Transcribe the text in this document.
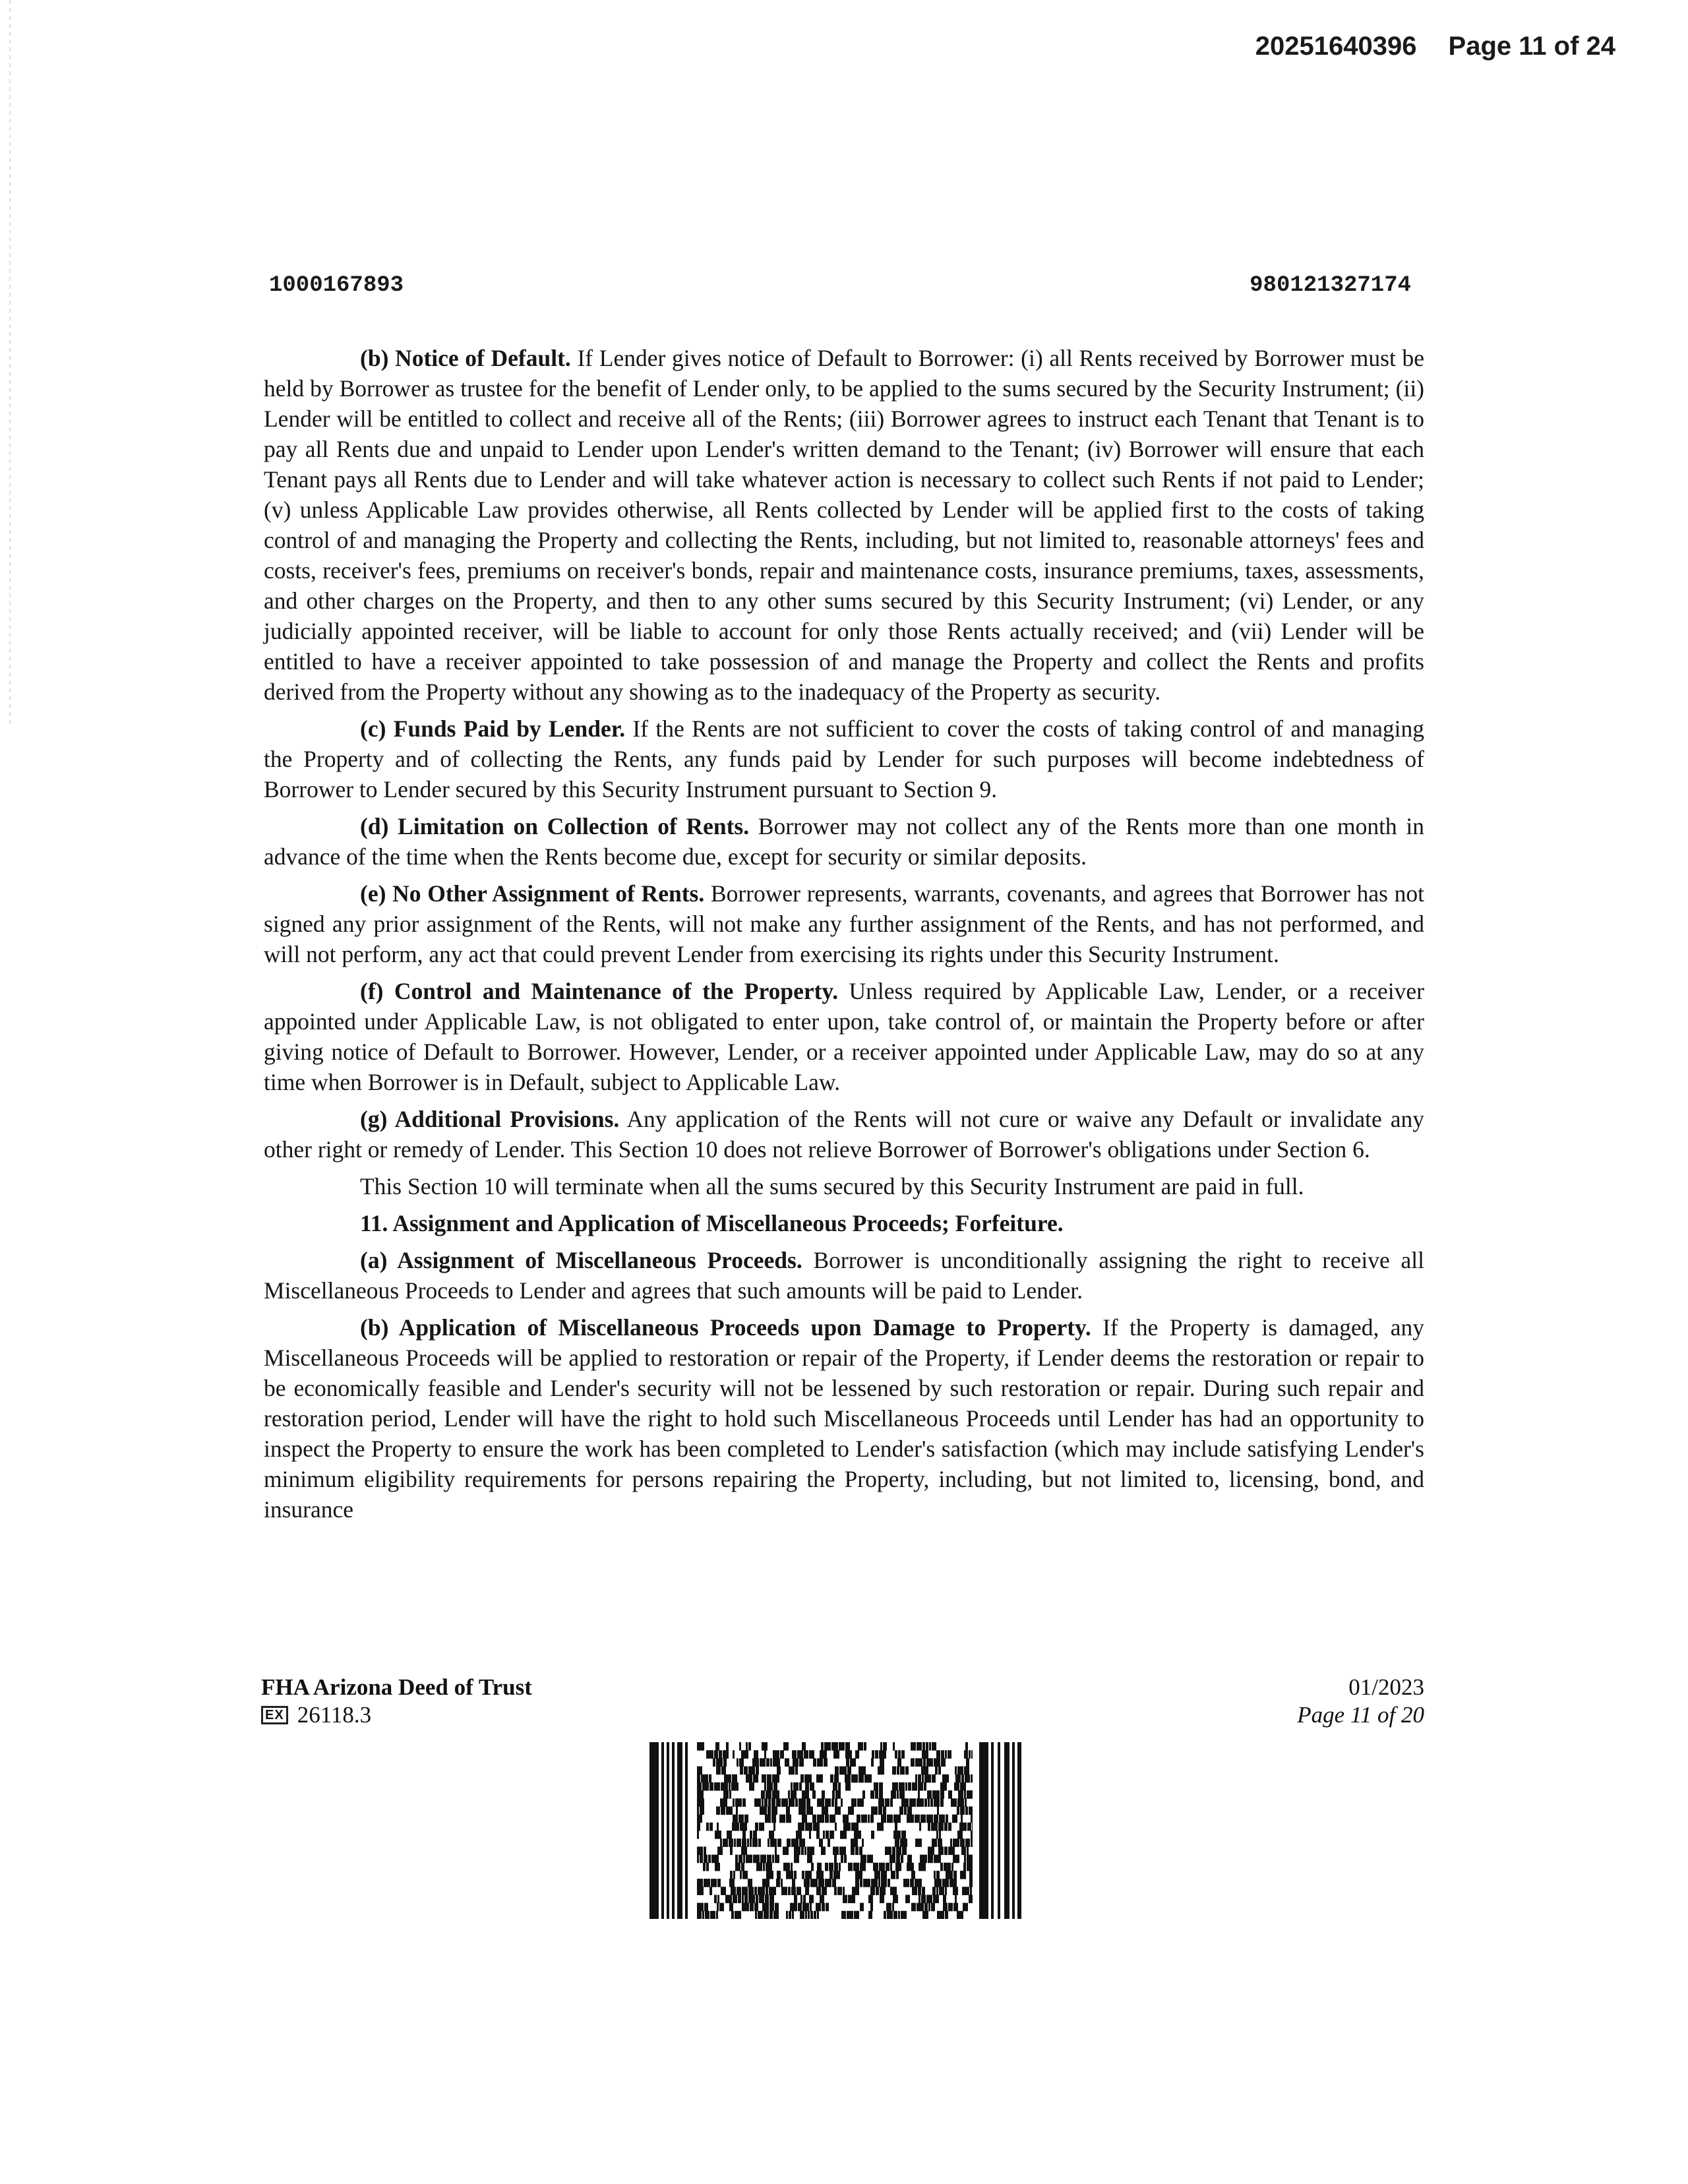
20251640396 Page 11 of 24
1000167893	980121327174

(b) Notice of Default. If Lender gives notice of Default to Borrower: (i) all Rents received by Borrower must be held by Borrower as trustee for the benefit of Lender only, to be applied to the sums secured by the Security Instrument; (ii) Lender will be entitled to collect and receive all of the Rents; (iii) Borrower agrees to instruct each Tenant that Tenant is to pay all Rents due and unpaid to Lender upon Lender's written demand to the Tenant; (iv) Borrower will ensure that each Tenant pays all Rents due to Lender and will take whatever action is necessary to collect such Rents if not paid to Lender; (v) unless Applicable Law provides otherwise, all Rents collected by Lender will be applied first to the costs of taking control of and managing the Property and collecting the Rents, including, but not limited to, reasonable attorneys' fees and costs, receiver's fees, premiums on receiver's bonds, repair and maintenance costs, insurance premiums, taxes, assessments, and other charges on the Property, and then to any other sums secured by this Security Instrument; (vi) Lender, or any judicially appointed receiver, will be liable to account for only those Rents actually received; and (vii) Lender will be entitled to have a receiver appointed to take possession of and manage the Property and collect the Rents and profits derived from the Property without any showing as to the inadequacy of the Property as security.

(c) Funds Paid by Lender. If the Rents are not sufficient to cover the costs of taking control of and managing the Property and of collecting the Rents, any funds paid by Lender for such purposes will become indebtedness of Borrower to Lender secured by this Security Instrument pursuant to Section 9.

(d) Limitation on Collection of Rents. Borrower may not collect any of the Rents more than one month in advance of the time when the Rents become due, except for security or similar deposits.

(e) No Other Assignment of Rents. Borrower represents, warrants, covenants, and agrees that Borrower has not signed any prior assignment of the Rents, will not make any further assignment of the Rents, and has not performed, and will not perform, any act that could prevent Lender from exercising its rights under this Security Instrument.

(f) Control and Maintenance of the Property. Unless required by Applicable Law, Lender, or a receiver appointed under Applicable Law, is not obligated to enter upon, take control of, or maintain the Property before or after giving notice of Default to Borrower. However, Lender, or a receiver appointed under Applicable Law, may do so at any time when Borrower is in Default, subject to Applicable Law.

(g) Additional Provisions. Any application of the Rents will not cure or waive any Default or invalidate any other right or remedy of Lender. This Section 10 does not relieve Borrower of Borrower's obligations under Section 6.

This Section 10 will terminate when all the sums secured by this Security Instrument are paid in full.

11. Assignment and Application of Miscellaneous Proceeds; Forfeiture.

(a) Assignment of Miscellaneous Proceeds. Borrower is unconditionally assigning the right to receive all Miscellaneous Proceeds to Lender and agrees that such amounts will be paid to Lender.

(b) Application of Miscellaneous Proceeds upon Damage to Property. If the Property is damaged, any Miscellaneous Proceeds will be applied to restoration or repair of the Property, if Lender deems the restoration or repair to be economically feasible and Lender's security will not be lessened by such restoration or repair. During such repair and restoration period, Lender will have the right to hold such Miscellaneous Proceeds until Lender has had an opportunity to inspect the Property to ensure the work has been completed to Lender's satisfaction (which may include satisfying Lender's minimum eligibility requirements for persons repairing the Property, including, but not limited to, licensing, bond, and insurance

FHA Arizona Deed of Trust
EX 26118.3
01/2023
Page 11 of 20
